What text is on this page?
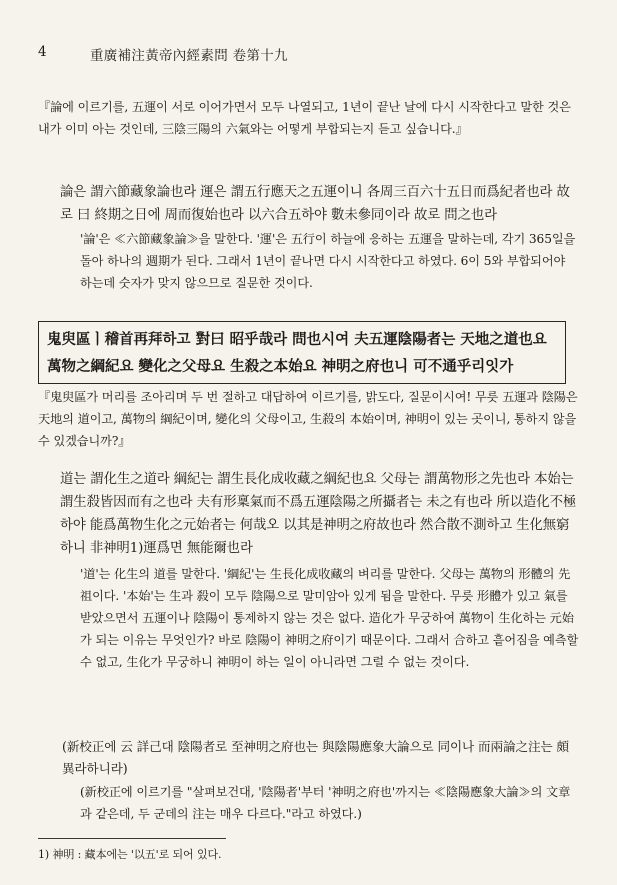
4	重廣補注黃帝內經素問 卷第十九

『論에 이르기를, 五運이 서로 이어가면서 모두 나열되고, 1년이 끝난 날에 다시 시작한다고 말한 것은 내가 이미 아는 것인데, 三陰三陽의 六氣와는 어떻게 부합되는지 듣고 싶습니다.』

論은 謂六節藏象論也라 運은 謂五行應天之五運이니 各周三百六十五日而爲紀者也라 故로 曰 終期之日에 周而復始也라 以六合五하야 數未參同이라 故로 問之也라

'論'은 ≪六節藏象論≫을 말한다. '運'은 五行이 하늘에 응하는 五運을 말하는데, 각기 365일을 돌아 하나의 週期가 된다. 그래서 1년이 끝나면 다시 시작한다고 하였다. 6이 5와 부합되어야 하는데 숫자가 맞지 않으므로 질문한 것이다.

鬼臾區ㅣ稽首再拜하고 對曰 昭乎哉라 問也시여 夫五運陰陽者는 天地之道也요 萬物之綱紀요 變化之父母요 生殺之本始요 神明之府也니 可不通乎리잇가

『鬼臾區가 머리를 조아리며 두 번 절하고 대답하여 이르기를, 밝도다, 질문이시여! 무릇 五運과 陰陽은 天地의 道이고, 萬物의 綱紀이며, 變化의 父母이고, 生殺의 本始이며, 神明이 있는 곳이니, 통하지 않을 수 있겠습니까?』

道는 謂化生之道라 綱紀는 謂生長化成收藏之綱紀也요 父母는 謂萬物形之先也라 本始는 謂生殺皆因而有之也라 夫有形稟氣而不爲五運陰陽之所攝者는 未之有也라 所以造化不極하야 能爲萬物生化之元始者는 何哉오 以其是神明之府故也라 然合散不測하고 生化無窮하니 非神明1)運爲면 無能爾也라

'道'는 化生의 道를 말한다. '綱紀'는 生長化成收藏의 벼리를 말한다. 父母는 萬物의 形體의 先祖이다. '本始'는 生과 殺이 모두 陰陽으로 말미암아 있게 됨을 말한다. 무릇 形體가 있고 氣를 받았으면서 五運이나 陰陽이 통제하지 않는 것은 없다. 造化가 무궁하여 萬物이 生化하는 元始가 되는 이유는 무엇인가? 바로 陰陽이 神明之府이기 때문이다. 그래서 合하고 흩어짐을 예측할 수 없고, 生化가 무궁하니 神明이 하는 일이 아니라면 그럴 수 없는 것이다.

(新校正에 云 詳己대 陰陽者로 至神明之府也는 與陰陽應象大論으로 同이나 而兩論之注는 頗異라하니라)

(新校正에 이르기를 "살펴보건대, '陰陽者'부터 '神明之府也'까지는 ≪陰陽應象大論≫의 文章과 같은데, 두 군데의 注는 매우 다르다."라고 하였다.)

1) 神明 : 藏本에는 '以五'로 되어 있다.
